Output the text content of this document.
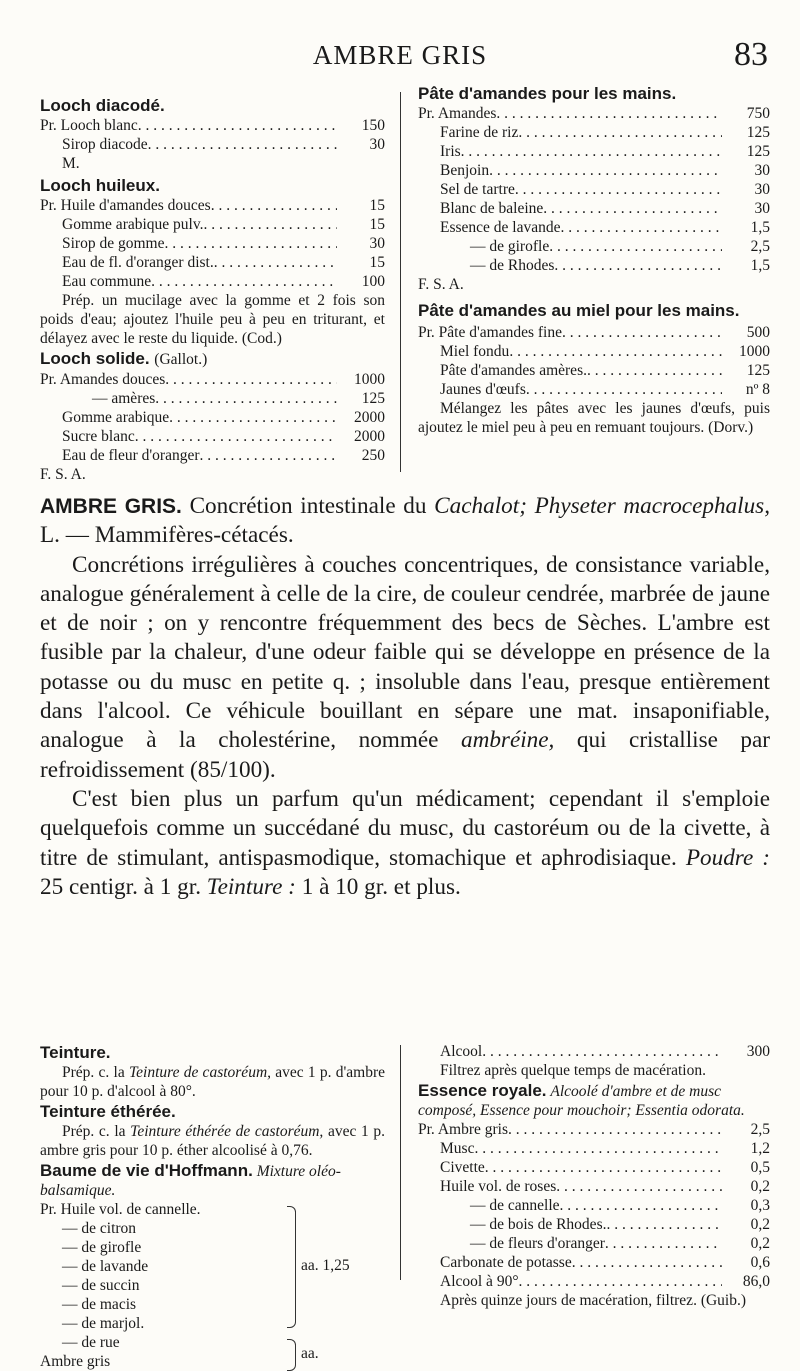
AMBRE GRIS	83
Looch diacodé.
Pr. Looch blanc . . .	150
Sirop diacode . . .	30
M.
Looch huileux.
Pr. Huile d'amandes douces . . .	15
Gomme arabique pulv. . . .	15
Sirop de gomme . . .	30
Eau de fl. d'oranger dist. . . .	15
Eau commune . . .	100
Prép. un mucilage avec la gomme et 2 fois son poids d'eau; ajoutez l'huile peu à peu en triturant, et délayez avec le reste du liquide. (Cod.)
Looch solide. (Gallot.)
Pr. Amandes douces . . .	1000
— amères . . .	125
Gomme arabique . . .	2000
Sucre blanc . . .	2000
Eau de fleur d'oranger . . .	250
F. S. A.
Pâte d'amandes pour les mains.
Pr. Amandes . . .	750
Farine de riz . . .	125
Iris . . .	125
Benjoin . . .	30
Sel de tartre . . .	30
Blanc de baleine . . .	30
Essence de lavande . . .	1,5
— de girofle . . .	2,5
— de Rhodes . . .	1,5
F. S. A.
Pâte d'amandes au miel pour les mains.
Pr. Pâte d'amandes fine . . .	500
Miel fondu . . .	1000
Pâte d'amandes amères. . . .	125
Jaunes d'œufs . . .	nº 8
Mélangez les pâtes avec les jaunes d'œufs, puis ajoutez le miel peu à peu en remuant toujours. (Dorv.)

AMBRE GRIS. Concrétion intestinale du Cachalot; Physeter macrocephalus, L. — Mammifères-cétacés.

Concrétions irrégulières à couches concentriques, de consistance variable, analogue généralement à celle de la cire, de couleur cendrée, marbrée de jaune et de noir ; on y rencontre fréquemment des becs de Sèches. L'ambre est fusible par la chaleur, d'une odeur faible qui se développe en présence de la potasse ou du musc en petite q. ; insoluble dans l'eau, presque entièrement dans l'alcool. Ce véhicule bouillant en sépare une mat. insaponifiable, analogue à la cholestérine, nommée ambréine, qui cristallise par refroidissement (85/100).

C'est bien plus un parfum qu'un médicament; cependant il s'emploie quelquefois comme un succédané du musc, du castoréum ou de la civette, à titre de stimulant, antispasmodique, stomachique et aphrodisiaque. Poudre : 25 centigr. à 1 gr. Teinture : 1 à 10 gr. et plus.

Teinture.
Prép. c. la Teinture de castoréum, avec 1 p. d'ambre pour 10 p. d'alcool à 80°.
Teinture éthérée.
Prép. c. la Teinture éthérée de castoréum, avec 1 p. ambre gris pour 10 p. éther alcoolisé à 0,76.
Baume de vie d'Hoffmann. Mixture oléo-balsamique.
Pr. Huile vol. de cannelle.
— de citron
— de girofle
— de lavande
— de succin
— de macis
— de marjol.
— de rue
Ambre gris
aa. 1,25
aa.
Alcool . . .	300
Filtrez après quelque temps de macération.
Essence royale. Alcoolé d'ambre et de musc composé, Essence pour mouchoir; Essentia odorata.
Pr. Ambre gris . . .	2,5
Musc . . .	1,2
Civette . . .	0,5
Huile vol. de roses . . .	0,2
— de cannelle . . .	0,3
— de bois de Rhodes. . . .	0,2
— de fleurs d'oranger . . .	0,2
Carbonate de potasse . . .	0,6
Alcool à 90° . . .	86,0
Après quinze jours de macération, filtrez. (Guib.)
